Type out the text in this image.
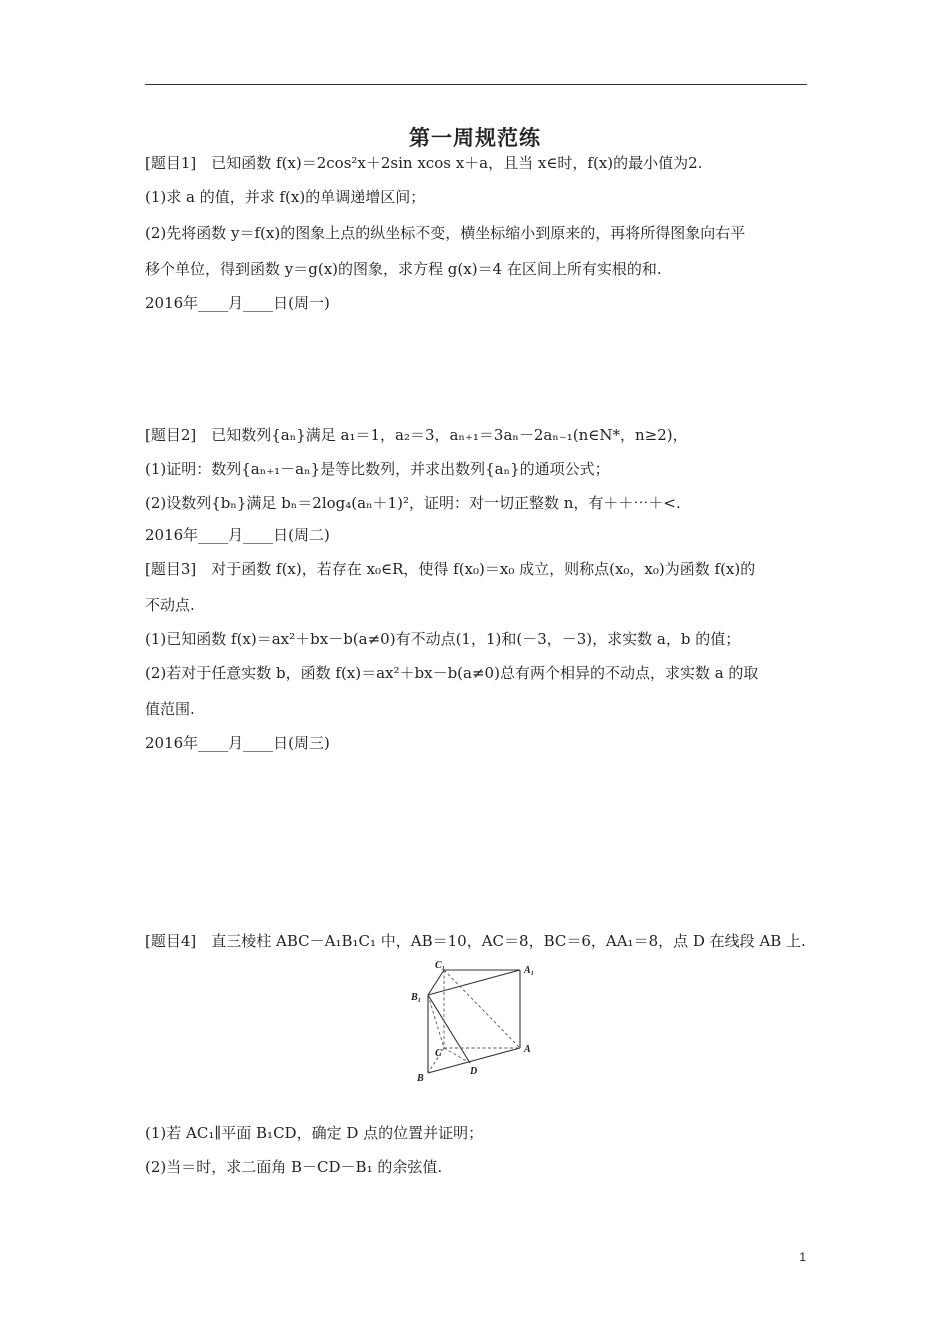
第一周规范练
[题目1]　已知函数 f(x)＝2cos²x＋2sin xcos x＋a，且当 x∈时，f(x)的最小值为2.
(1)求 a 的值，并求 f(x)的单调递增区间；
(2)先将函数 y＝f(x)的图象上点的纵坐标不变，横坐标缩小到原来的，再将所得图象向右平
移个单位，得到函数 y＝g(x)的图象，求方程 g(x)＝4 在区间上所有实根的和.
2016年____月____日(周一)
[题目2]　已知数列{aₙ}满足 a₁＝1，a₂＝3，aₙ₊₁＝3aₙ－2aₙ₋₁(n∈N*，n≥2)，
(1)证明：数列{aₙ₊₁－aₙ}是等比数列，并求出数列{aₙ}的通项公式；
(2)设数列{bₙ}满足 bₙ＝2log₄(aₙ＋1)²，证明：对一切正整数 n，有＋＋⋯＋<.
2016年____月____日(周二)
[题目3]　对于函数 f(x)，若存在 x₀∈R，使得 f(x₀)＝x₀ 成立，则称点(x₀，x₀)为函数 f(x)的
不动点.
(1)已知函数 f(x)＝ax²＋bx－b(a≠0)有不动点(1，1)和(－3，－3)，求实数 a，b 的值；
(2)若对于任意实数 b，函数 f(x)＝ax²＋bx－b(a≠0)总有两个相异的不动点，求实数 a 的取
值范围.
2016年____月____日(周三)
[题目4]　直三棱柱 ABC－A₁B₁C₁ 中，AB＝10，AC＝8，BC＝6，AA₁＝8，点 D 在线段 AB 上.
(1)若 AC₁∥平面 B₁CD，确定 D 点的位置并证明；
(2)当＝时，求二面角 B－CD－B₁ 的余弦值.
C₁	A₁
B₁
C	A
B
D
1
